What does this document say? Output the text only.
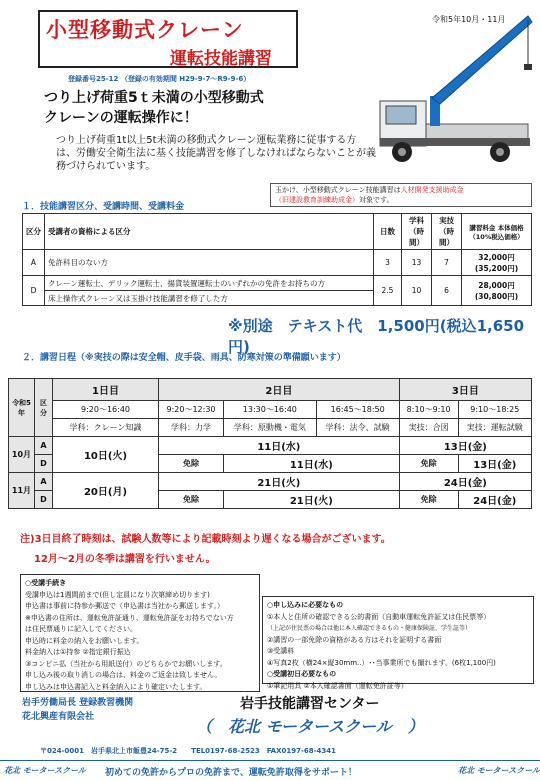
小型移動式クレーン
運転技能講習
令和5年10月・11月
登録番号25-12 （登録の有効期間 H29-9-7〜R9-9-6）
つり上げ荷重5ｔ未満の小型移動式
クレーンの運転操作に！
つり上げ荷重1t以上5t未満の移動式クレーン運転業務に従事する方は、労働安全衛生法に基く技能講習を修了しなければならないことが義務づけられています。
玉かけ、小型移動式クレーン技能講習は人材開発支援助成金
（旧建設教育訓練助成金）対象です。
１．技能講習区分、受講時間、受講料金
区分	受講者の資格による区分	日数	学科（時間）	実技（時間）	講習料金 本体価格（10%税込価格）
A	免許科目のない方	3	13	7	32,000円
(35,200円)

D	クレーン運転士、デリック運転士、揚貨装置運転士のいずれかの免許をお持ちの方	2.5	10	6	28,000円
(30,800円)

	床上操作式クレーン又は玉掛け技能講習を修了した方				
※別途　テキスト代　1,500円(税込1,650円)
２．講習日程（※実技の際は安全帽、皮手袋、雨具、防寒対策の準備願います）
令和5年	区分	1日目	2日目			3日目	
		9:20〜16:40	9:20〜12:30	13:30〜16:40	16:45〜18:50	8:10〜9:10	9:10〜18:25
		学科：クレーン知識	学科：力学	学科：原動機・電気	学科：法令、試験	実技：合図	実技：運転試験
10月	A	10日(火)	11日(水)			13日(金)	
	D		免除	11日(水)		免除	13日(金)
11月	A	20日(月)	21日(火)			24日(金)	
	D		免除	21日(火)		免除	24日(金)
注)3日目終了時刻は、試験人数等により記載時刻より遅くなる場合がございます。
12月〜2月の冬季は講習を行いません。
○受講手続き
受講申込は1週間前まで(但し定員になり次第締め切ります)
申込書は事前に持参か郵送で（申込書は当社から郵送します。）
※申込書の住所は、運転免許証通り、運転免許証をお持ちでない方
は住民票通りに記入してください。
申込時に料金の納入をお願いします。
料金納入は①持参 ②指定銀行振込
③コンビニ払（当社から用紙送付）のどちらかでお願いします。
申し込み後の取り消しの場合は、料金のご返金は致しません。
申し込みは申込書記入と料金納入により確定いたします。
○申し込みに必要なもの
①本人と住所の確認できる公的書面（自動車運転免許証又は住民票等）
（上記が住民票の場合は他に本人確認できるもの・健康保険証、学生証等）
②講習の一部免除の資格がある方はそれを証明する書面
③受講料
④写真2枚（横24×縦30mm..）･･当事業所でも撮れます。(6枚1,100円)
○受講初日必要なもの
①筆記用具 ②本人確認書面（運転免許証等）
岩手労働局長 登録教習機関
花北興産有限会社
岩手技能講習センター
（　花北 モータースクール　）
〒024-0001　岩手県北上市飯豊24-75-2　　TEL0197-68-2523　FAX0197-68-4341
花北 モータースクール 初めての免許からプロの免許まで、運転免許取得をサポート！	花北 モータースクール
